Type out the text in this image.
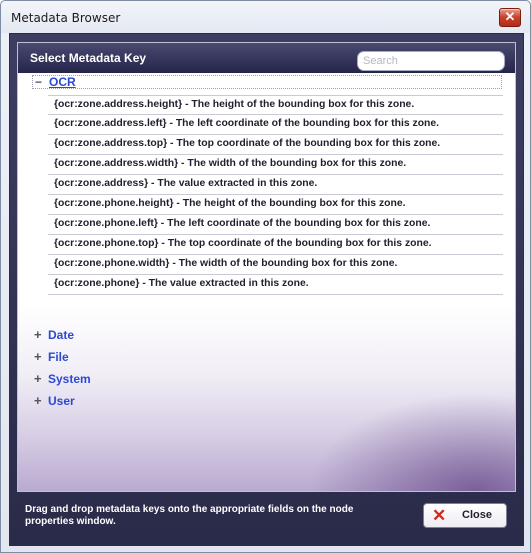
Metadata Browser	✕
Select Metadata Key
Search
− OCR
{ocr:zone.address.height} - The height of the bounding box for this zone.
{ocr:zone.address.left} - The left coordinate of the bounding box for this zone.
{ocr:zone.address.top} - The top coordinate of the bounding box for this zone.
{ocr:zone.address.width} - The width of the bounding box for this zone.
{ocr:zone.address} - The value extracted in this zone.
{ocr:zone.phone.height} - The height of the bounding box for this zone.
{ocr:zone.phone.left} - The left coordinate of the bounding box for this zone.
{ocr:zone.phone.top} - The top coordinate of the bounding box for this zone.
{ocr:zone.phone.width} - The width of the bounding box for this zone.
{ocr:zone.phone} - The value extracted in this zone.
+ Date
+ File
+ System
+ User
Drag and drop metadata keys onto the appropriate fields on the node properties window.	✕ Close
